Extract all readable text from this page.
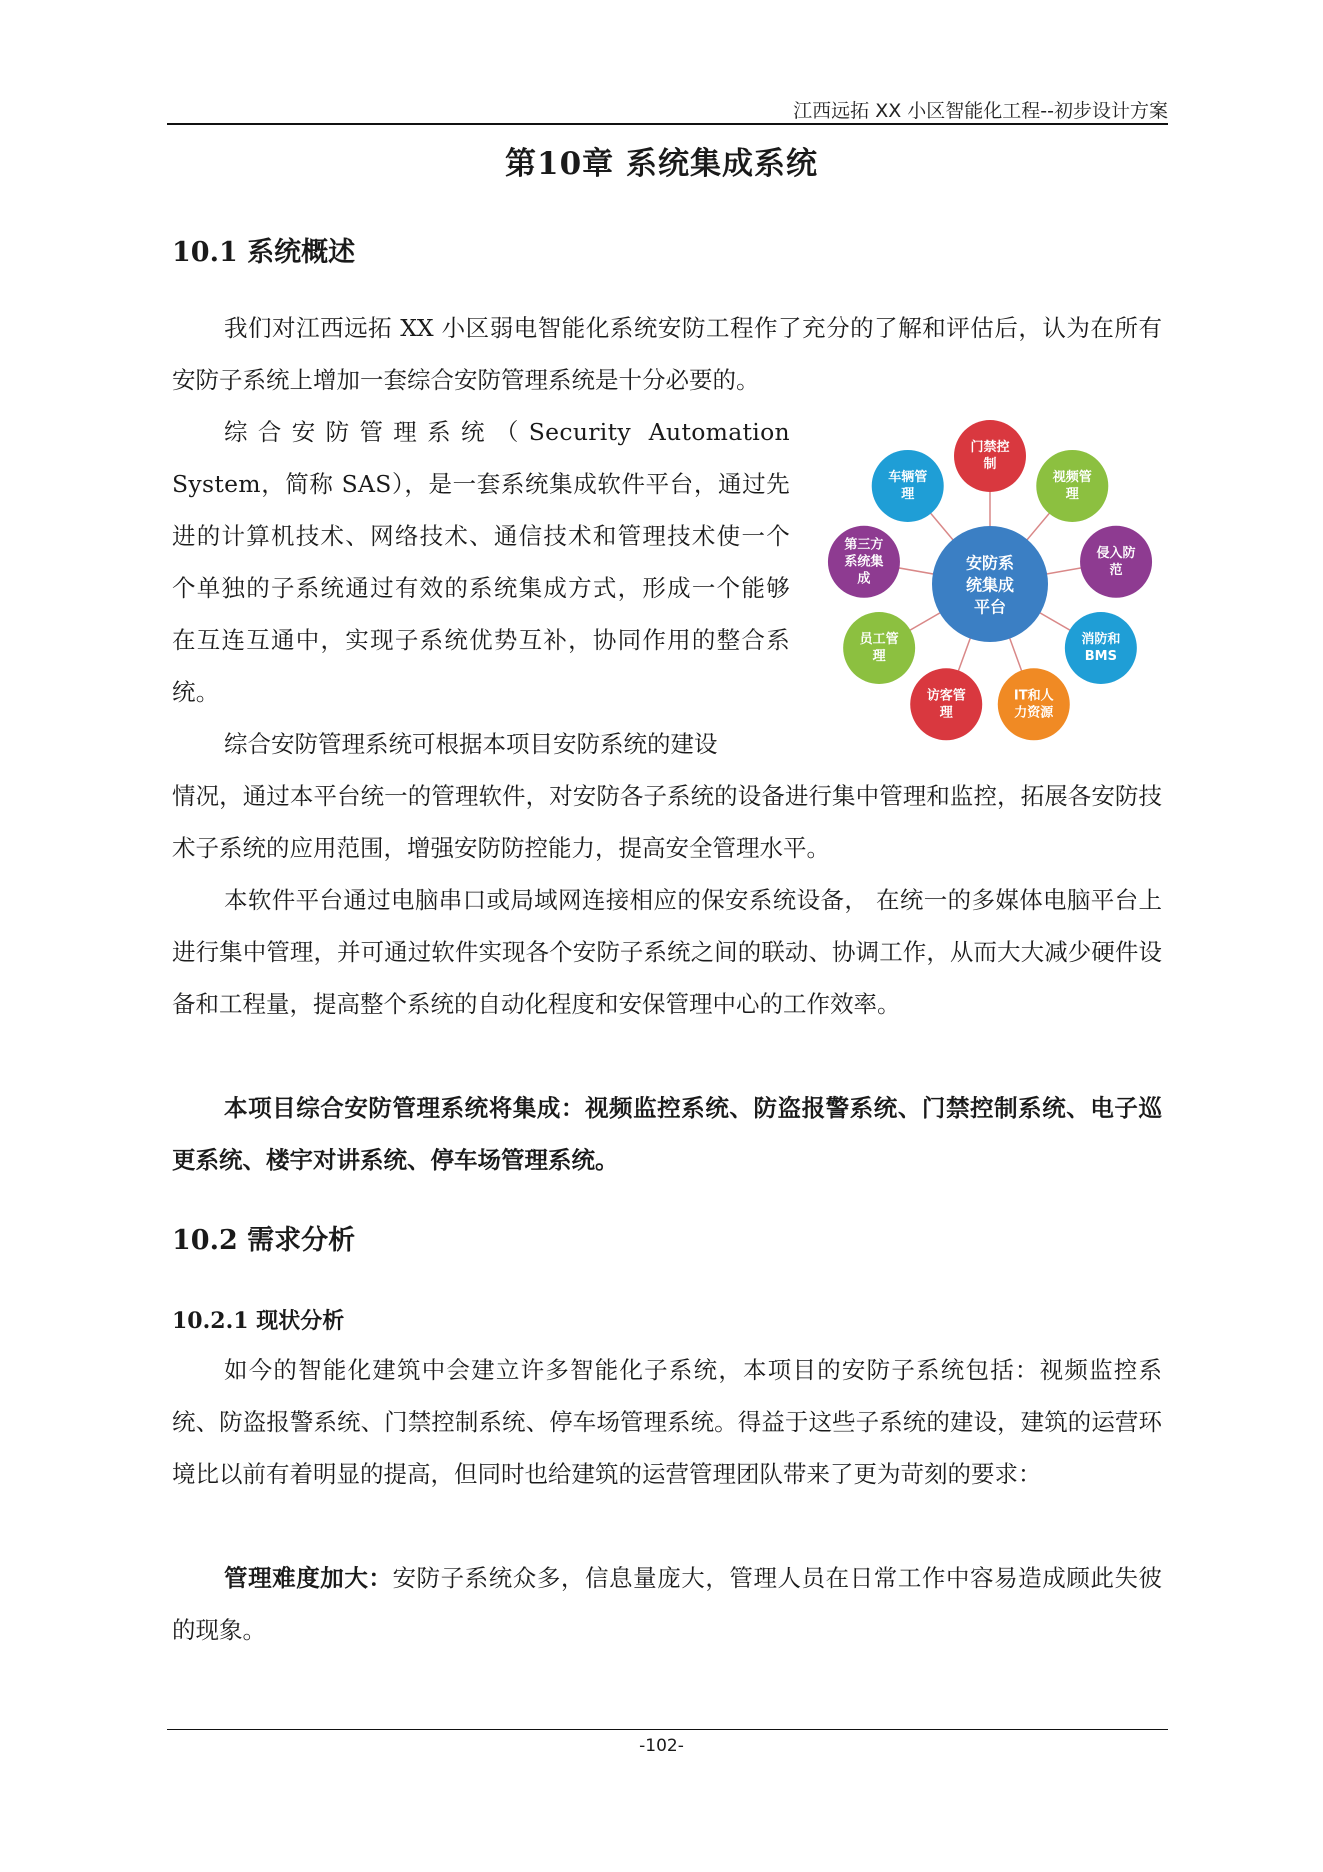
江西远拓 XX 小区智能化工程--初步设计方案
第10章 系统集成系统
10.1 系统概述

我们对江西远拓 XX 小区弱电智能化系统安防工程作了充分的了解和评估后，认为在所有安防子系统上增加一套综合安防管理系统是十分必要的。

综合安防管理系统（Security Automation System，简称 SAS），是一套系统集成软件平台，通过先进的计算机技术、网络技术、通信技术和管理技术使一个个单独的子系统通过有效的系统集成方式，形成一个能够在互连互通中，实现子系统优势互补，协同作用的整合系统。

综合安防管理系统可根据本项目安防系统的建设

情况，通过本平台统一的管理软件，对安防各子系统的设备进行集中管理和监控，拓展各安防技术子系统的应用范围，增强安防防控能力，提高安全管理水平。

本软件平台通过电脑串口或局域网连接相应的保安系统设备， 在统一的多媒体电脑平台上进行集中管理，并可通过软件实现各个安防子系统之间的联动、协调工作，从而大大减少硬件设备和工程量，提高整个系统的自动化程度和安保管理中心的工作效率。

本项目综合安防管理系统将集成：视频监控系统、防盗报警系统、门禁控制系统、电子巡更系统、楼宇对讲系统、停车场管理系统。

安防系
统集成
平台
门禁控
制
视频管
理
侵入防
范
消防和
BMS
IT和人
力资源
访客管
理
员工管
理
第三方
系统集
成
车辆管
理
10.2 需求分析
10.2.1 现状分析

如今的智能化建筑中会建立许多智能化子系统，本项目的安防子系统包括：视频监控系统、防盗报警系统、门禁控制系统、停车场管理系统。得益于这些子系统的建设，建筑的运营环境比以前有着明显的提高，但同时也给建筑的运营管理团队带来了更为苛刻的要求：

管理难度加大：安防子系统众多，信息量庞大，管理人员在日常工作中容易造成顾此失彼的现象。

-102-
